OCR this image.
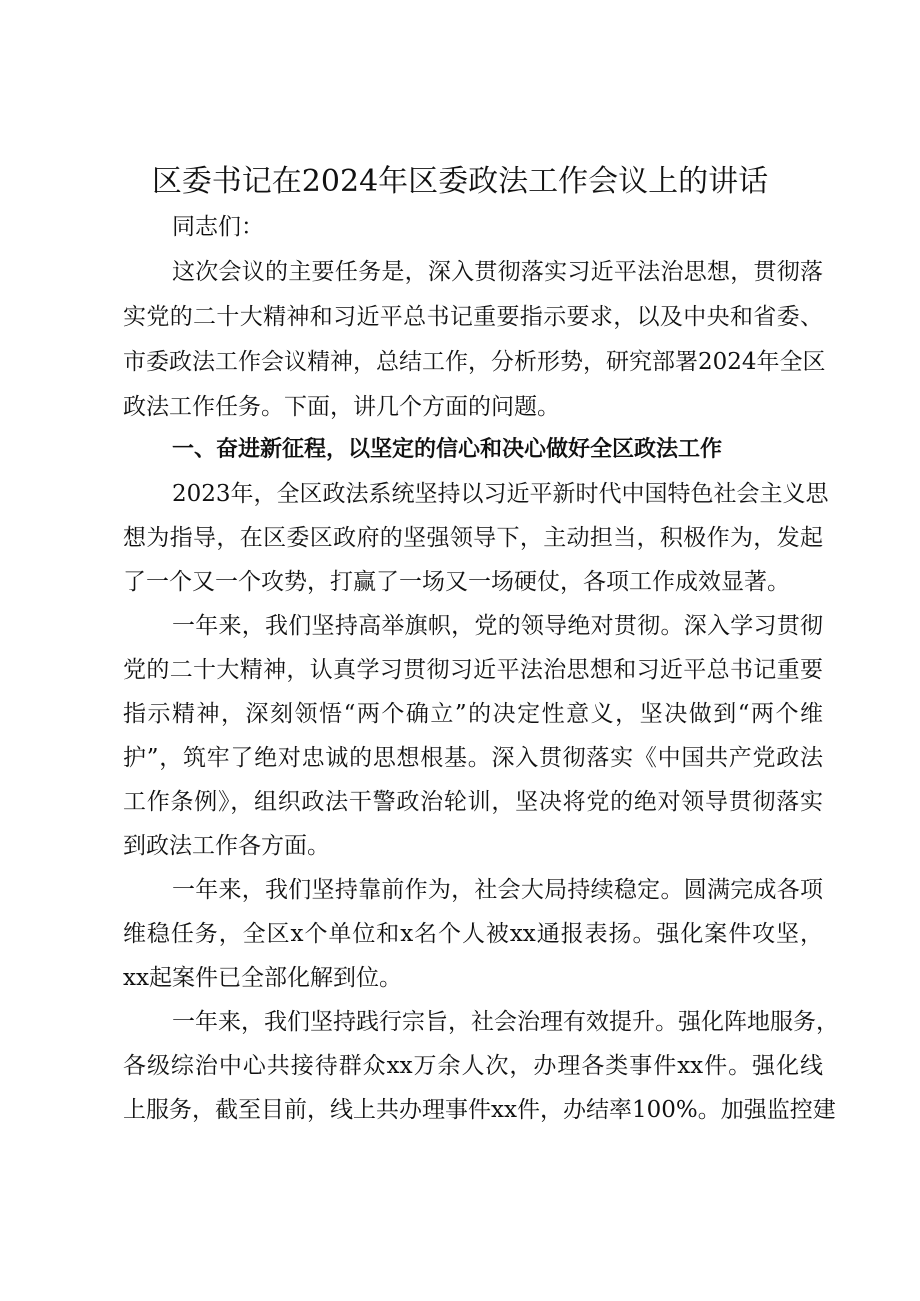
区委书记在2024年区委政法工作会议上的讲话
同志们：
这次会议的主要任务是，深入贯彻落实习近平法治思想，贯彻落
实党的二十大精神和习近平总书记重要指示要求，以及中央和省委、
市委政法工作会议精神，总结工作，分析形势，研究部署2024年全区
政法工作任务。下面，讲几个方面的问题。
一、奋进新征程，以坚定的信心和决心做好全区政法工作
2023年，全区政法系统坚持以习近平新时代中国特色社会主义思
想为指导，在区委区政府的坚强领导下，主动担当，积极作为，发起
了一个又一个攻势，打赢了一场又一场硬仗，各项工作成效显著。
一年来，我们坚持高举旗帜，党的领导绝对贯彻。深入学习贯彻
党的二十大精神，认真学习贯彻习近平法治思想和习近平总书记重要
指示精神，深刻领悟“两个确立”的决定性意义，坚决做到“两个维
护”，筑牢了绝对忠诚的思想根基。深入贯彻落实《中国共产党政法
工作条例》，组织政法干警政治轮训，坚决将党的绝对领导贯彻落实
到政法工作各方面。
一年来，我们坚持靠前作为，社会大局持续稳定。圆满完成各项
维稳任务，全区x个单位和x名个人被xx通报表扬。强化案件攻坚，
xx起案件已全部化解到位。
一年来，我们坚持践行宗旨，社会治理有效提升。强化阵地服务，
各级综治中心共接待群众xx万余人次，办理各类事件xx件。强化线
上服务，截至目前，线上共办理事件xx件，办结率100%。加强监控建
